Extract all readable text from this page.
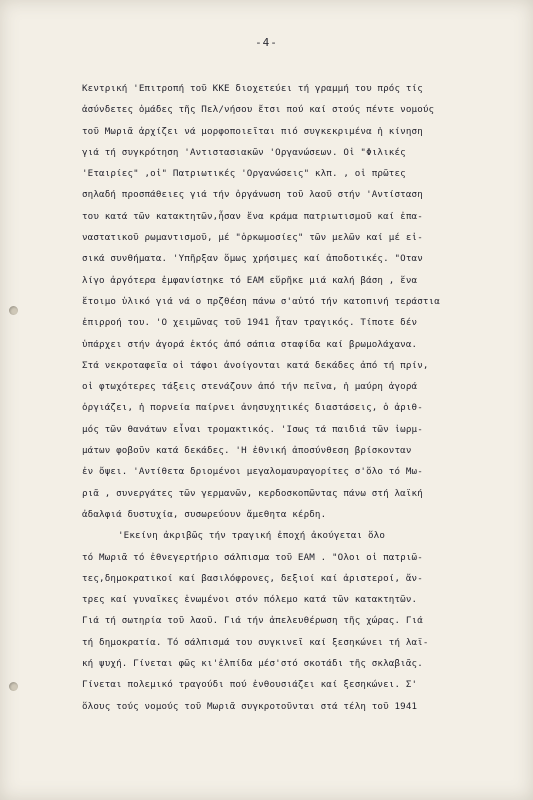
-4-
Κεντρική 'Επιτροπή τοῦ ΚΚΕ διοχετεύει τή γραμμή του πρός τίς
ἀσύνδετες ὁμάδες τῆς Πελ/νήσου ἔτσι πού καί στούς πέντε νομούς
τοῦ Μωριᾶ ἀρχίζει νά μορφοποιεῖται πιό συγκεκριμένα ἡ κίνηση
γιά τή συγκρότηση 'Αντιστασιακῶν 'Οργανώσεων. Οἱ "Φιλικές
'Εταιρίες" ,οἱ" Πατριωτικές 'Οργανώσεις" κλπ. , οἱ πρῶτες
σηλαδή προσπάθειες γιά τήν ὀργάνωση τοῦ λαοῦ στήν 'Αντίσταση
του κατά τῶν κατακτητῶν,ἦσαν ἕνα κράμα πατριωτισμοῦ καί ἐπα-
ναστατικοῦ ρωμαντισμοῦ, μέ "ὁρκωμοσίες" τῶν μελῶν καί μέ εἰ-
σικά συνθήματα. 'Υπῆρξαν ὅμως χρήσιμες καί ἀποδοτικές. "Οταν
λίγο ἀργότερα ἐμφανίστηκε τό ΕΑΜ εὕρῆκε μιά καλή βάση , ἕνα
ἕτοιμο ὑλικό γιά νά ο πρζθέση πάνω σ'αὐτό τήν κατοπινή τεράστια
ἐπιρροή του. 'Ο χειμῶνας τοῦ 1941 ἦταν τραγικός. Τίποτε δέν
ὑπάρχει στήν ἀγορά ἐκτός ἀπό σάπια σταφίδα καί βρωμολάχανα.
Στά νεκροταφεῖα οἱ τάφοι ἀνοίγονται κατά δεκάδες ἀπό τή πρίν,
οἱ φτωχότερες τάξεις στενάζουν ἀπό τήν πεῖνα, ἡ μαύρη ἀγορά
ὀργιάζει, ἡ πορνεία παίρνει ἀνησυχητικές διαστάσεις, ὁ ἀριθ-
μός τῶν θανάτων εἶναι τρομακτικός. 'Ισως τά παιδιά τῶν ἰωρμ-
μάτων φοβοῦν κατά δεκάδες. 'Η ἐθνική ἀποσύνθεση βρίσκονταν
ἐν ὄψει. 'Αντίθετα δριομένοι μεγαλομαυραγορίτες σ'ὅλο τό Μω-
ριᾶ , συνεργάτες τῶν γερμανῶν, κερδοσκοπῶντας πάνω στή λαϊκή
ἀδαλφιά δυστυχία, συσωρεύουν ἄμεθητα κέρδη.
'Εκείνη ἀκριβῶς τήν τραγική ἐποχή ἀκούγεται ὅλο
τό Μωριᾶ τό ἐθνεγερτήριο σάλπισμα τοῦ ΕΑΜ . "Ολοι οἱ πατριῶ-
τες,δημοκρατικοί καί βασιλόφρονες, δεξιοί καί ἀριστεροί, ἄν-
τρες καί γυναῖκες ἑνωμένοι στόν πόλεμο κατά τῶν κατακτητῶν.
Γιά τή σωτηρία τοῦ λαοῦ. Γιά τήν ἀπελευθέρωση τῆς χώρας. Γιά
τή δημοκρατία. Τό σάλπισμά του συγκινεῖ καί ξεσηκώνει τή λαϊ-
κή ψυχή. Γίνεται φῶς κι'ἐλπίδα μέσ'στό σκοτάδι τῆς σκλαβιᾶς.
Γίνεται πολεμικό τραγούδι πού ἐνθουσιάζει καί ξεσηκώνει. Σ'
ὅλους τούς νομούς τοῦ Μωριᾶ συγκροτοῦνται στά τέλη τοῦ 1941
